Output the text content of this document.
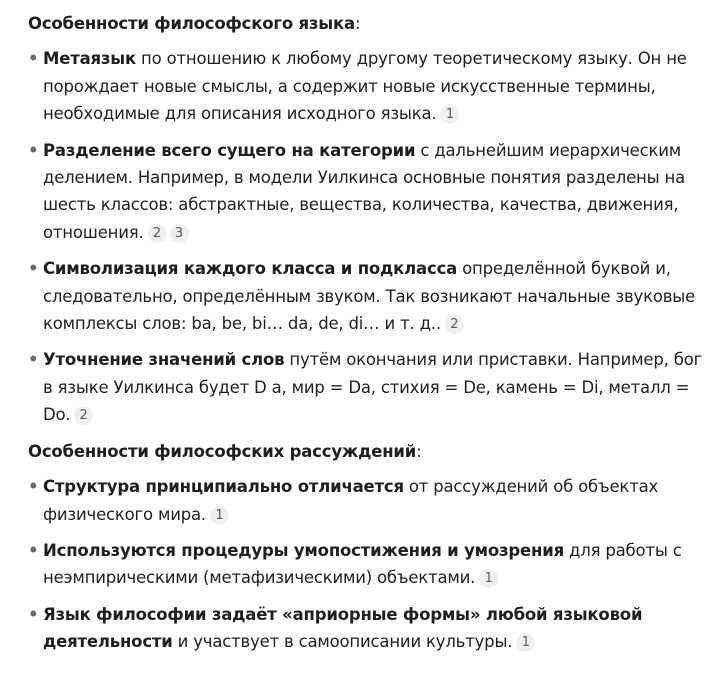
Особенности философского языка:

• Метаязык по отношению к любому другому теоретическому языку. Он не порождает новые смыслы, а содержит новые искусственные термины, необходимые для описания исходного языка. 1
• Разделение всего сущего на категории с дальнейшим иерархическим делением. Например, в модели Уилкинса основные понятия разделены на шесть классов: абстрактные, вещества, количества, качества, движения, отношения. 2 3
• Символизация каждого класса и подкласса определённой буквой и, следовательно, определённым звуком. Так возникают начальные звуковые комплексы слов: ba, be, bi… da, de, di… и т. д.. 2
• Уточнение значений слов путём окончания или приставки. Например, бог в языке Уилкинса будет D a, мир = Da, стихия = De, камень = Di, металл = Do. 2

Особенности философских рассуждений:

• Структура принципиально отличается от рассуждений об объектах физического мира. 1
• Используются процедуры умопостижения и умозрения для работы с неэмпирическими (метафизическими) объектами. 1
• Язык философии задаёт «априорные формы» любой языковой деятельности и участвует в самоописании культуры. 1
